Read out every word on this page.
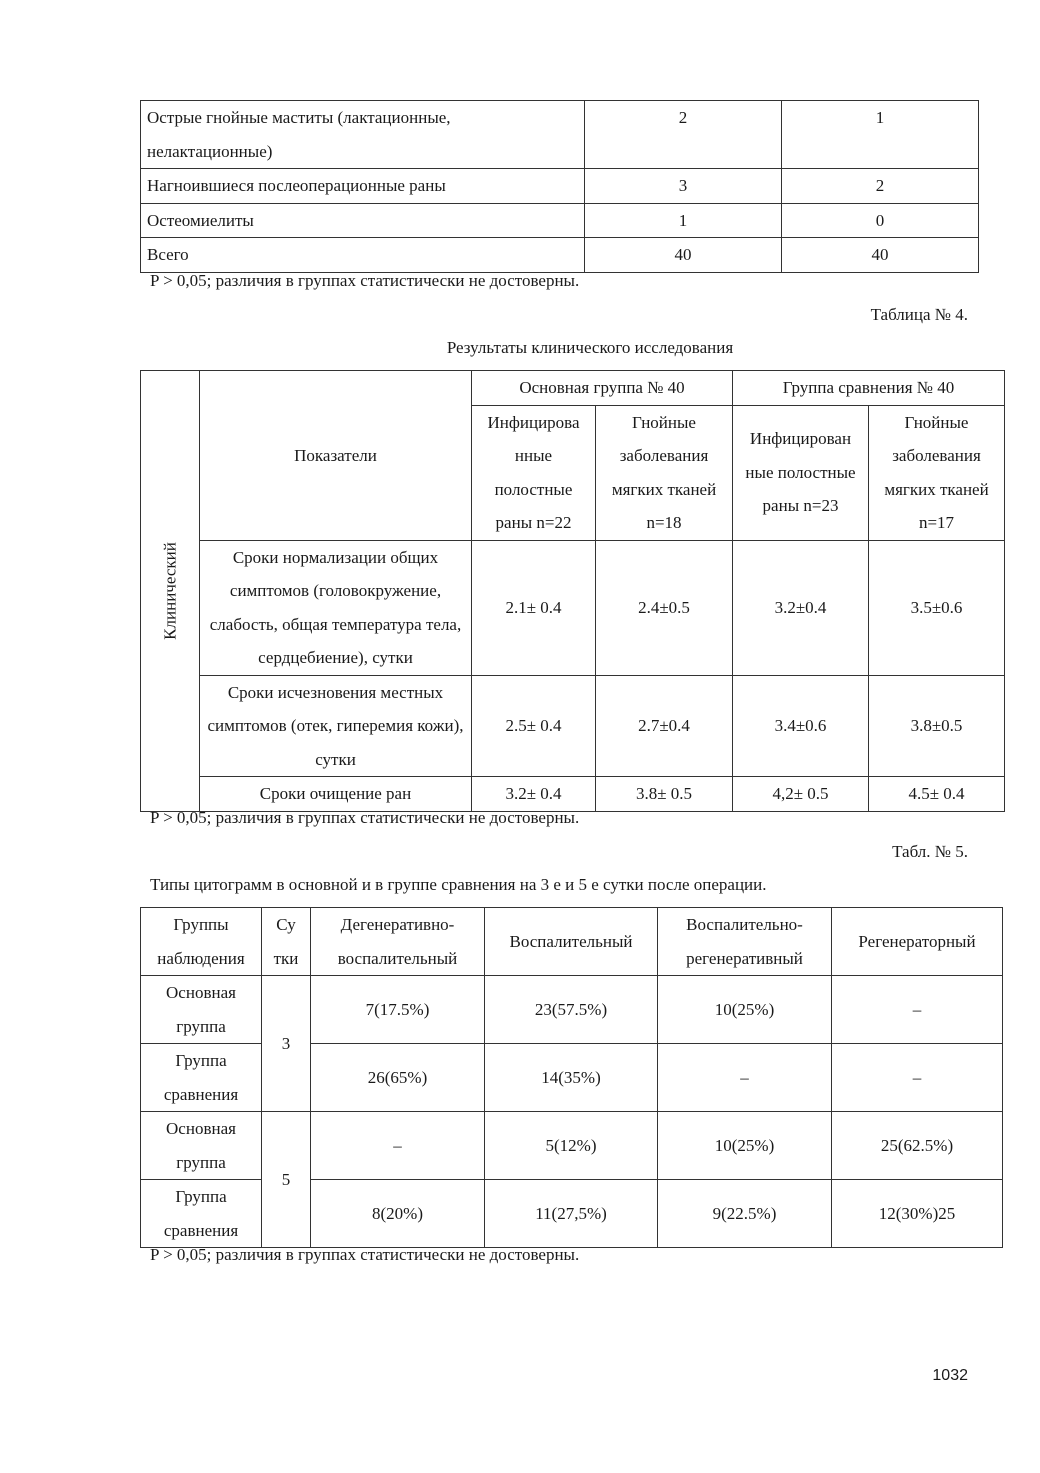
Острые гнойные маститы (лактационные, нелактационные)	2	1
Нагноившиеся послеоперационные раны	3	2
Остеомиелиты	1	0
Всего	40	40
P > 0,05; различия в группах статистически не достоверны.
Таблица № 4.
Результаты клинического исследования
Клинический	Показатели	Основная группа № 40		Группа сравнения № 40	
		Инфицирова нные полостные раны n=22	Гнойные заболевания мягких тканей n=18	Инфицирован ные полостные раны n=23	Гнойные заболевания мягких тканей n=17
	Сроки нормализации общих симптомов (головокружение, слабость, общая температура тела, сердцебиение), сутки	2.1± 0.4	2.4±0.5	3.2±0.4	3.5±0.6
	Сроки исчезновения местных симптомов (отек, гиперемия кожи), сутки	2.5± 0.4	2.7±0.4	3.4±0.6	3.8±0.5
	Сроки очищение ран	3.2± 0.4	3.8± 0.5	4,2± 0.5	4.5± 0.4
P > 0,05; различия в группах статистически не достоверны.
Табл. № 5.
Типы цитограмм в основной и в группе сравнения на 3 е и 5 е сутки после операции.
Группы наблюдения	Су тки	Дегенеративно-воспалительный	Воспалительный	Воспалительно-регенеративный	Регенераторный
Основная группа	3	7(17.5%)	23(57.5%)	10(25%)	–
Группа сравнения		26(65%)	14(35%)	–	–
Основная группа	5	–	5(12%)	10(25%)	25(62.5%)
Группа сравнения		8(20%)	11(27,5%)	9(22.5%)	12(30%)25
P > 0,05; различия в группах статистически не достоверны.
1032
